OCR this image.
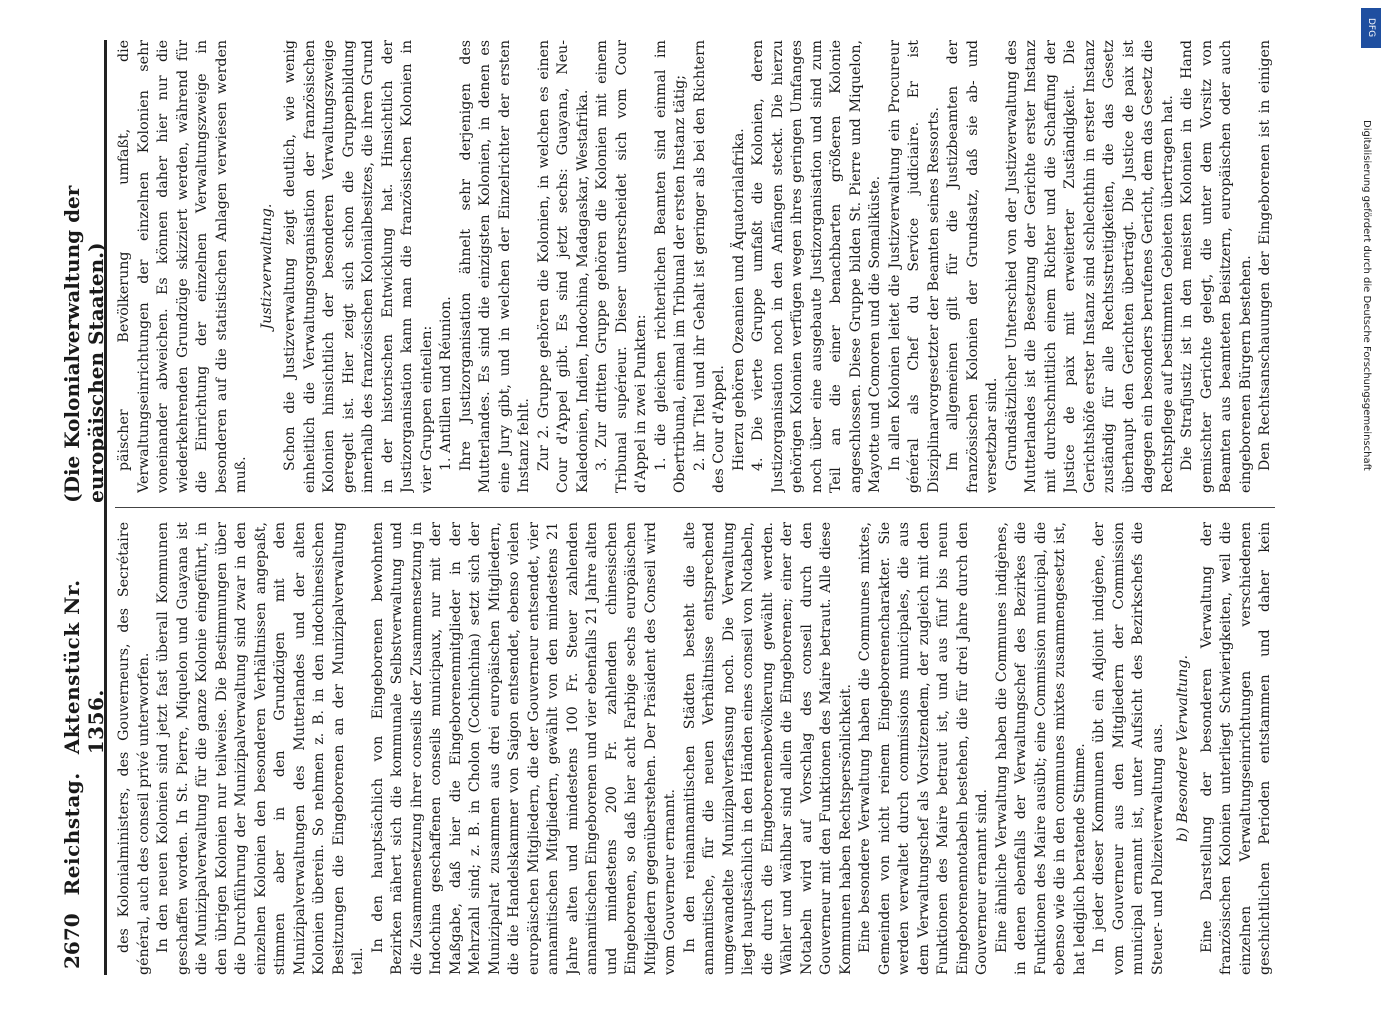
2670
Reichstag.
Aktenstück Nr. 1356.
(Die Kolonialverwaltung der europäischen Staaten.)

des Kolonialministers, des Gouverneurs, des Secrétaire général, auch des conseil privé unterworfen. In den neuen Kolonien sind jetzt fast überall Kommunen geschaffen worden. In St. Pierre, Miquelon und Guayana ist die Munizipalverwaltung für die ganze Kolonie eingeführt, in den übrigen Kolonien nur teilweise. Die Bestimmungen über die Durchführung der Munizipalverwaltung sind zwar in den einzelnen Kolonien den besonderen Verhältnissen angepaßt, stimmen aber in den Grundzügen mit den Munizipalverwaltungen des Mutterlandes und der alten Kolonien überein. So nehmen z. B. in den indochinesischen Besitzungen die Eingeborenen an der Munizipalverwaltung teil.

In den hauptsächlich von Eingeborenen bewohnten Bezirken nähert sich die kommunale Selbstverwaltung und die Zusammensetzung ihrer conseils der Zusammensetzung in Indochina geschaffenen conseils municipaux, nur mit der Maßgabe, daß hier die Eingeborenenmitglieder in der Mehrzahl sind; z. B. in Cholon (Cochinchina) setzt sich der Munizipalrat zusammen aus drei europäischen Mitgliedern, die die Handelskammer von Saigon entsendet, ebenso vielen europäischen Mitgliedern, die der Gouverneur entsendet, vier annamitischen Mitgliedern, gewählt von den mindestens 21 Jahre alten und mindestens 100 Fr. Steuer zahlenden annamitischen Eingeborenen und vier ebenfalls 21 Jahre alten und mindestens 200 Fr. zahlenden chinesischen Eingeborenen, so daß hier acht Farbige sechs europäischen Mitgliedern gegenüberstehen. Der Präsident des Conseil wird vom Gouverneur ernannt. In den reinannamitischen Städten besteht die alte annamitische, für die neuen Verhältnisse entsprechend umgewandelte Munizipalverfassung noch. Die Verwaltung liegt hauptsächlich in den Händen eines conseil von Notabeln, die durch die Eingeborenenbevölkerung gewählt werden. Wähler und wählbar sind allein die Eingeborenen; einer der Notabeln wird auf Vorschlag des conseil durch den Gouverneur mit den Funktionen des Maire betraut. Alle diese Kommunen haben Rechtspersönlichkeit. Eine besondere Verwaltung haben die Communes mixtes, Gemeinden von nicht reinem Eingeborenencharakter. Sie werden verwaltet durch commissions municipales, die aus dem Verwaltungschef als Vorsitzendem, der zugleich mit den Funktionen des Maire betraut ist, und aus fünf bis neun Eingeborenennotabeln bestehen, die für drei Jahre durch den Gouverneur ernannt sind. Eine ähnliche Verwaltung haben die Communes indigènes, in denen ebenfalls der Verwaltungschef des Bezirkes die Funktionen des Maire ausübt; eine Commission municipal, die ebenso wie die in den communes mixtes zusammengesetzt ist, hat lediglich beratende Stimme. In jeder dieser Kommunen übt ein Adjoint indigène, der vom Gouverneur aus den Mitgliedern der Commission municipal ernannt ist, unter Aufsicht des Bezirkschefs die Steuer- und Polizeiverwaltung aus. b) Besondere Verwaltung.

Eine Darstellung der besonderen Verwaltung der französischen Kolonien unterliegt Schwierigkeiten, weil die einzelnen Verwaltungseinrichtungen verschiedenen geschichtlichen Perioden entstammen und daher kein

päischer Bevölkerung umfaßt, die Verwaltungseinrichtungen der einzelnen Kolonien sehr voneinander abweichen. Es können daher hier nur die wiederkehrenden Grundzüge skizziert werden, während für die Einrichtung der einzelnen Verwaltungszweige in besonderen auf die statistischen Anlagen verwiesen werden muß.

Justizverwaltung. Schon die Justizverwaltung zeigt deutlich, wie wenig einheitlich die Verwaltungsorganisation der französischen Kolonien hinsichtlich der besonderen Verwaltungszweige geregelt ist. Hier zeigt sich schon die Gruppenbildung innerhalb des französischen Kolonialbesitzes, die ihren Grund in der historischen Entwicklung hat. Hinsichtlich der Justizorganisation kann man die französischen Kolonien in vier Gruppen einteilen: 1. Antillen und Réunion. Ihre Justizorganisation ähnelt sehr derjenigen des Mutterlandes. Es sind die einzigsten Kolonien, in denen es eine Jury gibt, und in welchen der Einzelrichter der ersten Instanz fehlt. Zur 2. Gruppe gehören die Kolonien, in welchen es einen Cour d'Appel gibt. Es sind jetzt sechs: Guayana, Neu-Kaledonien, Indien, Indochina, Madagaskar, Westafrika. 3. Zur dritten Gruppe gehören die Kolonien mit einem Tribunal supérieur. Dieser unterscheidet sich vom Cour d'Appel in zwei Punkten: 1. die gleichen richterlichen Beamten sind einmal im Obertribunal, einmal im Tribunal der ersten Instanz tätig; 2. ihr Titel und ihr Gehalt ist geringer als bei den Richtern des Cour d'Appel. Hierzu gehören Ozeanien und Äquatorialafrika. 4. Die vierte Gruppe umfaßt die Kolonien, deren Justizorganisation noch in den Anfängen steckt. Die hierzu gehörigen Kolonien verfügen wegen ihres geringen Umfanges noch über eine ausgebaute Justizorganisation und sind zum Teil an die einer benachbarten größeren Kolonie angeschlossen. Diese Gruppe bilden St. Pierre und Miquelon, Mayotte und Comoren und die Somaliküste. In allen Kolonien leitet die Justizverwaltung ein Procureur général als Chef du Service judiciaire. Er ist Disziplinarvorgesetzter der Beamten seines Ressorts. Im allgemeinen gilt für die Justizbeamten der französischen Kolonien der Grundsatz, daß sie ab- und versetzbar sind. Grundsätzlicher Unterschied von der Justizverwaltung des Mutterlandes ist die Besetzung der Gerichte erster Instanz mit durchschnittlich einem Richter und die Schaffung der Justice de paix mit erweiterter Zuständigkeit. Die Gerichtshöfe erster Instanz sind schlechthin in erster Instanz zuständig für alle Rechtsstreitigkeiten, die das Gesetz überhaupt den Gerichten überträgt. Die Justice de paix ist dagegen ein besonders berufenes Gericht, dem das Gesetz die Rechtspflege auf bestimmten Gebieten übertragen hat. Die Strafjustiz ist in den meisten Kolonien in die Hand gemischter Gerichte gelegt, die unter dem Vorsitz von Beamten aus beamteten Beisitzern, europäischen oder auch eingeborenen Bürgern bestehen. Den Rechtsanschauungen der Eingeborenen ist in einigen

DFG
Digitalisierung gefördert durch die Deutsche Forschungsgemeinschaft
